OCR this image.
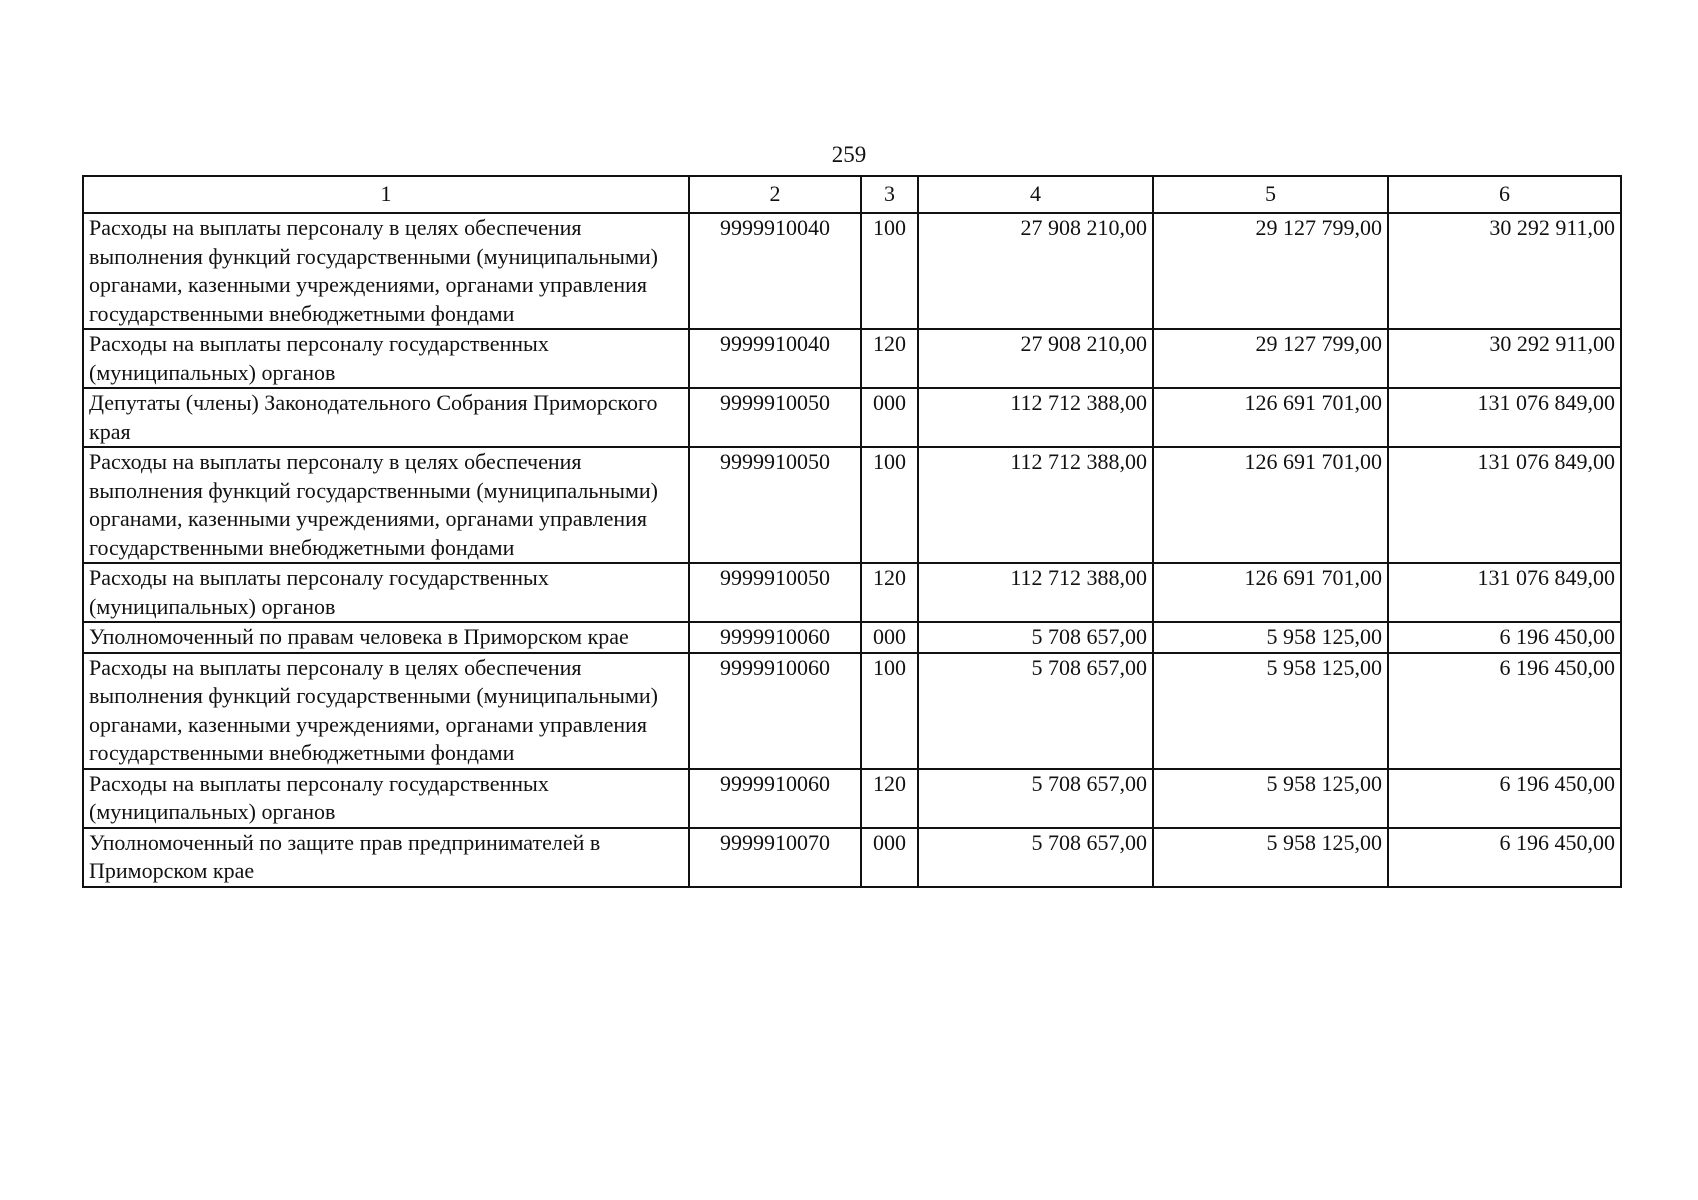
259
1	2	3	4	5	6
Расходы на выплаты персоналу в целях обеспечения выполнения функций государственными (муниципальными) органами, казенными учреждениями, органами управления государственными внебюджетными фондами	9999910040	100	27 908 210,00	29 127 799,00	30 292 911,00
Расходы на выплаты персоналу государственных (муниципальных) органов	9999910040	120	27 908 210,00	29 127 799,00	30 292 911,00
Депутаты (члены) Законодательного Собрания Приморского края	9999910050	000	112 712 388,00	126 691 701,00	131 076 849,00
Расходы на выплаты персоналу в целях обеспечения выполнения функций государственными (муниципальными) органами, казенными учреждениями, органами управления государственными внебюджетными фондами	9999910050	100	112 712 388,00	126 691 701,00	131 076 849,00
Расходы на выплаты персоналу государственных (муниципальных) органов	9999910050	120	112 712 388,00	126 691 701,00	131 076 849,00
Уполномоченный по правам человека в Приморском крае	9999910060	000	5 708 657,00	5 958 125,00	6 196 450,00
Расходы на выплаты персоналу в целях обеспечения выполнения функций государственными (муниципальными) органами, казенными учреждениями, органами управления государственными внебюджетными фондами	9999910060	100	5 708 657,00	5 958 125,00	6 196 450,00
Расходы на выплаты персоналу государственных (муниципальных) органов	9999910060	120	5 708 657,00	5 958 125,00	6 196 450,00
Уполномоченный по защите прав предпринимателей в Приморском крае	9999910070	000	5 708 657,00	5 958 125,00	6 196 450,00
